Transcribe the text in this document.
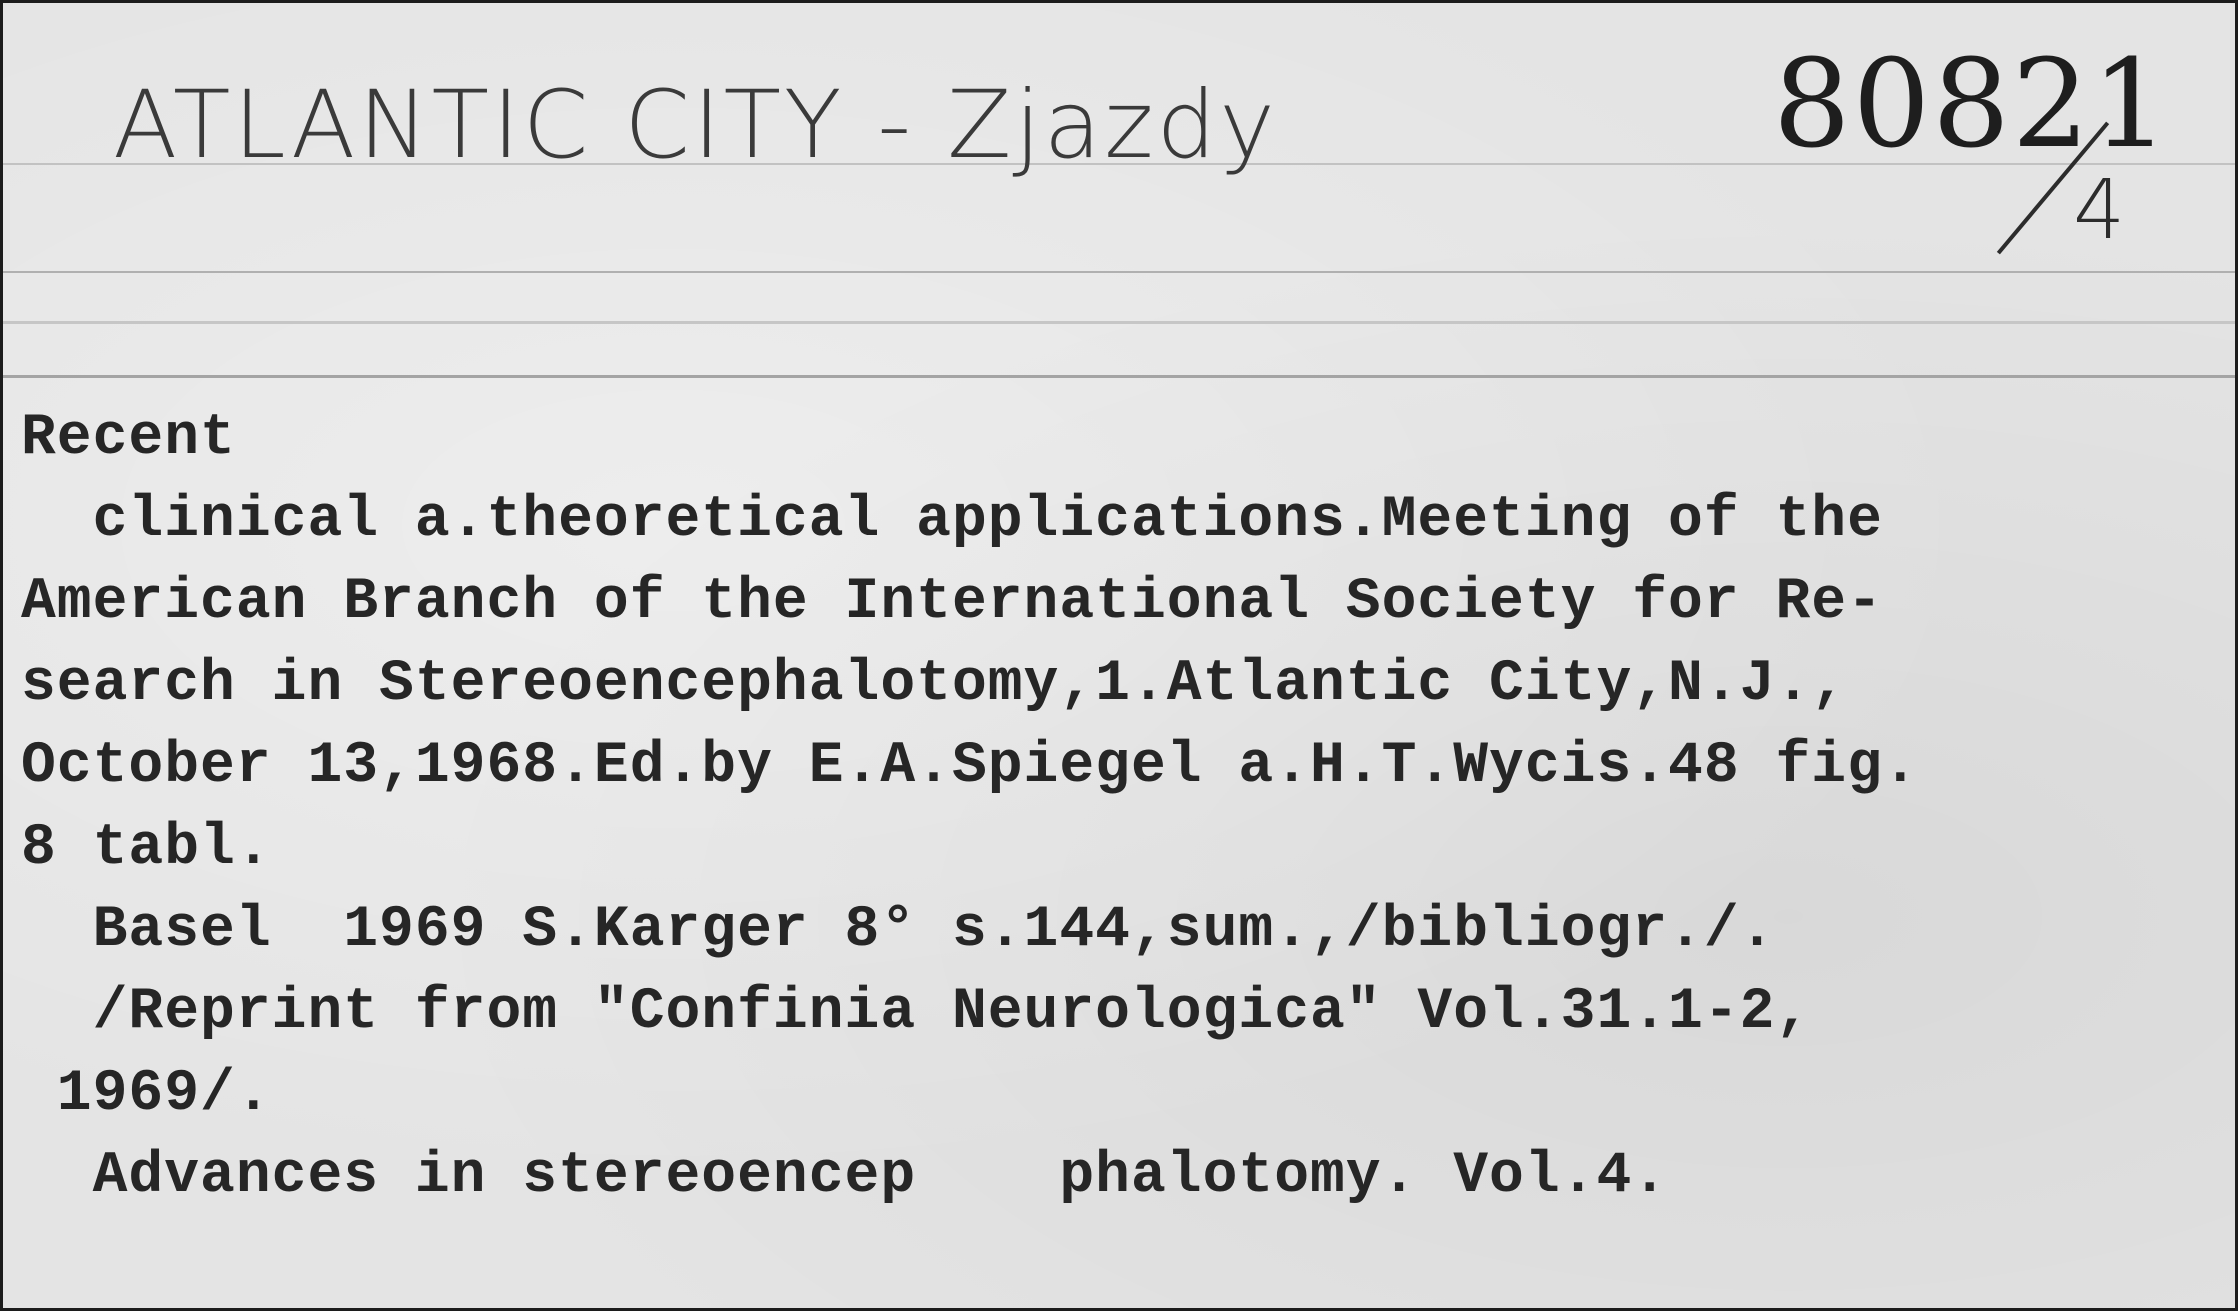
ATLANTIC CITY - Zjazdy	80821
4
Recent
clinical a.theoretical applications.Meeting of the
American Branch of the International Society for Re-
search in Stereoencephalotomy,1.Atlantic City,N.J.,
October 13,1968.Ed.by E.A.Spiegel a.H.T.Wycis.48 fig.
8 tabl.
Basel  1969 S.Karger 8° s.144,sum.,/bibliogr./.
/Reprint from "Confinia Neurologica" Vol.31.1-2,
1969/.
Advances in stereoencep    phalotomy. Vol.4.
